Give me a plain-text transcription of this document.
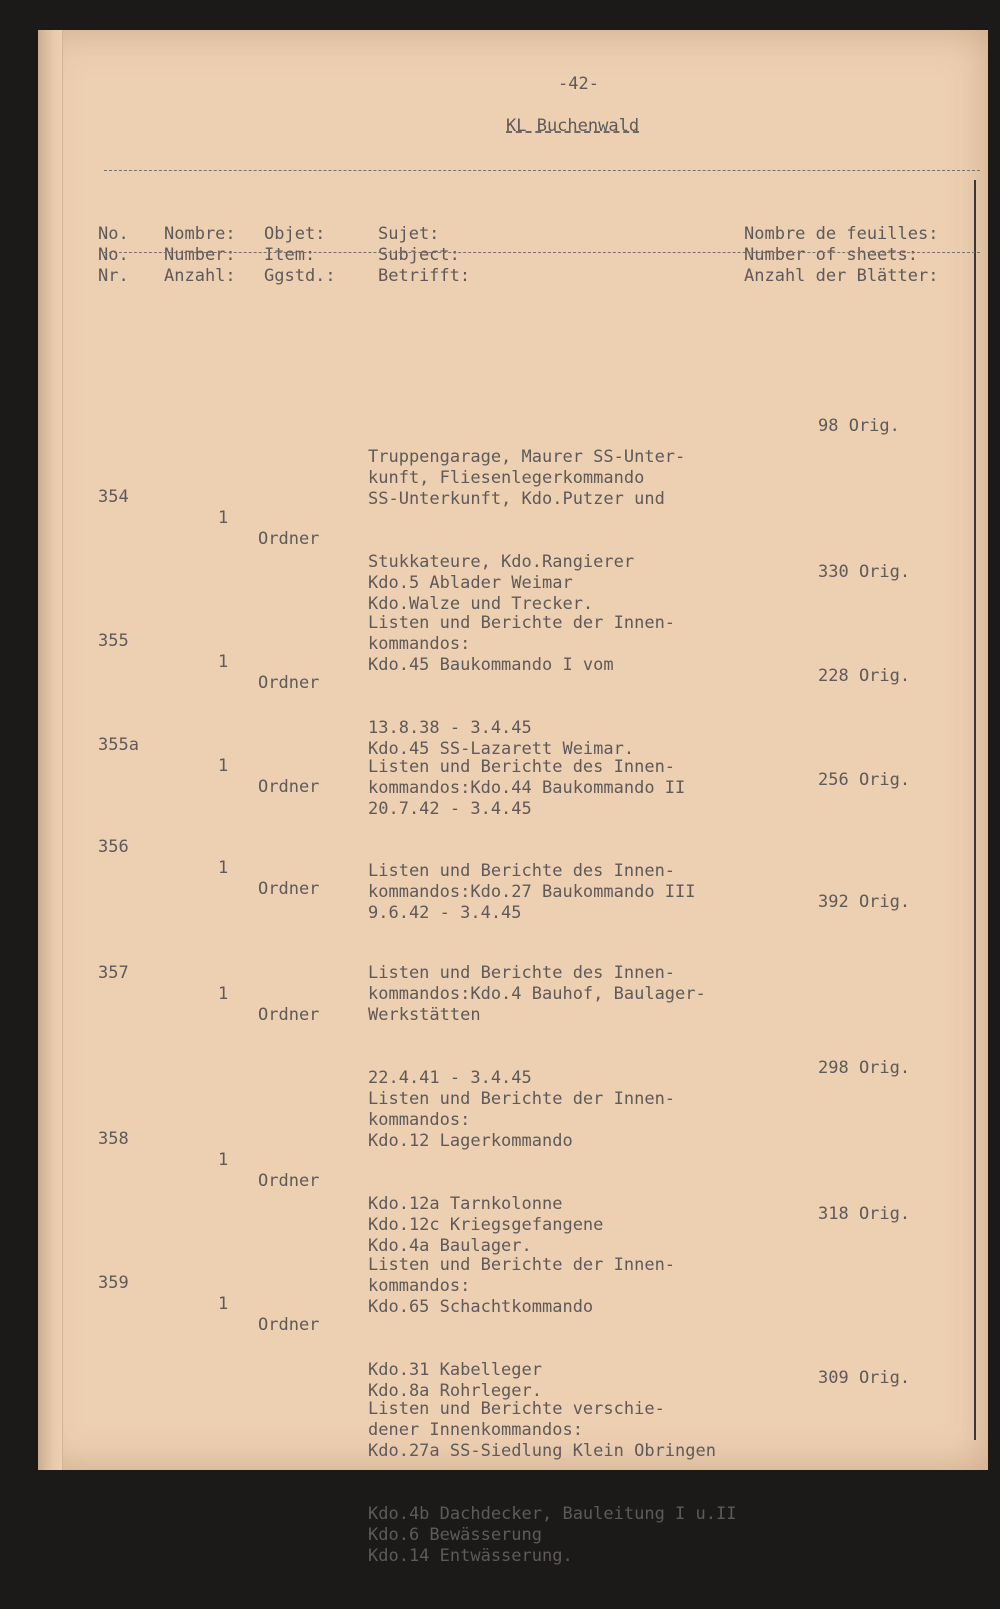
-42-
KL Buchenwald

No.
No.
Nr.

Nombre:
Number:
Anzahl:

Objet:
Item:
Ggstd.:

Sujet:
Subject:
Betrifft:

Nombre de feuilles:
Number of sheets:
Anzahl der Blätter:

Truppengarage, Maurer SS-Unter-
kunft, Fliesenlegerkommando
SS-Unterkunft, Kdo.Putzer und

Stukkateure, Kdo.Rangierer
Kdo.5 Ablader Weimar
Kdo.Walze und Trecker.

98 Orig.

354

1

Ordner

Listen und Berichte der Innen-
kommandos:
Kdo.45 Baukommando I vom

13.8.38 - 3.4.45
Kdo.45 SS-Lazarett Weimar.

330 Orig.

355

1

Ordner

Listen und Berichte des Innen-
kommandos:Kdo.44 Baukommando II
20.7.42 - 3.4.45

228 Orig.

355a

1

Ordner

Listen und Berichte des Innen-
kommandos:Kdo.27 Baukommando III
9.6.42 - 3.4.45

256 Orig.

356

1

Ordner

Listen und Berichte des Innen-
kommandos:Kdo.4 Bauhof, Baulager-
Werkstätten

22.4.41 - 3.4.45

392 Orig.

357

1

Ordner

Listen und Berichte der Innen-
kommandos:
Kdo.12 Lagerkommando

Kdo.12a Tarnkolonne
Kdo.12c Kriegsgefangene
Kdo.4a Baulager.

298 Orig.

358

1

Ordner

Listen und Berichte der Innen-
kommandos:
Kdo.65 Schachtkommando

Kdo.31 Kabelleger
Kdo.8a Rohrleger.

318 Orig.

359

1

Ordner

Listen und Berichte verschie-
dener Innenkommandos:
Kdo.27a SS-Siedlung Klein Obringen

Kdo.4b Dachdecker, Bauleitung I u.II
Kdo.6 Bewässerung
Kdo.14 Entwässerung.

309 Orig.
